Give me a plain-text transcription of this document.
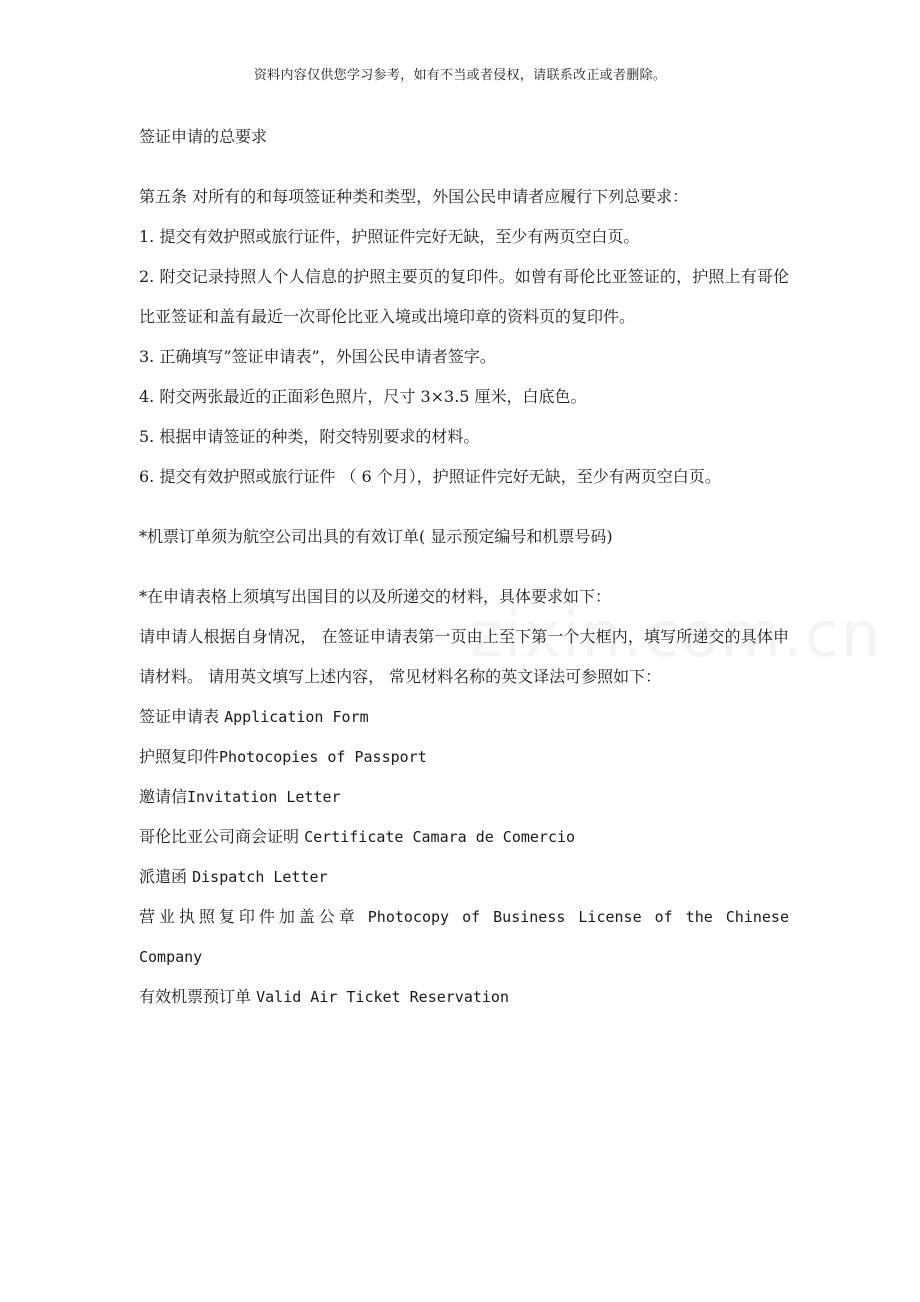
资料内容仅供您学习参考，如有不当或者侵权，请联系改正或者删除。

签证申请的总要求

第五条 对所有的和每项签证种类和类型，外国公民申请者应履行下列总要求：

1. 提交有效护照或旅行证件，护照证件完好无缺，至少有两页空白页。

2. 附交记录持照人个人信息的护照主要页的复印件。如曾有哥伦比亚签证的，护照上有哥伦比亚签证和盖有最近一次哥伦比亚入境或出境印章的资料页的复印件。

3. 正确填写”签证申请表”，外国公民申请者签字。

4. 附交两张最近的正面彩色照片，尺寸 3×3.5 厘米，白底色。

5. 根据申请签证的种类，附交特别要求的材料。

6. 提交有效护照或旅行证件 （ 6 个月），护照证件完好无缺，至少有两页空白页。

*机票订单须为航空公司出具的有效订单( 显示预定编号和机票号码)

*在申请表格上须填写出国目的以及所递交的材料，具体要求如下：

请申请人根据自身情况， 在签证申请表第一页由上至下第一个大框内，填写所递交的具体申请材料。 请用英文填写上述内容， 常见材料名称的英文译法可参照如下：

签证申请表 Application Form

护照复印件Photocopies of Passport

邀请信Invitation Letter

哥伦比亚公司商会证明 Certificate Camara de Comercio

派遣函 Dispatch Letter

营业执照复印件加盖公章 Photocopy of Business License of the Chinese Company

有效机票预订单 Valid Air Ticket Reservation
